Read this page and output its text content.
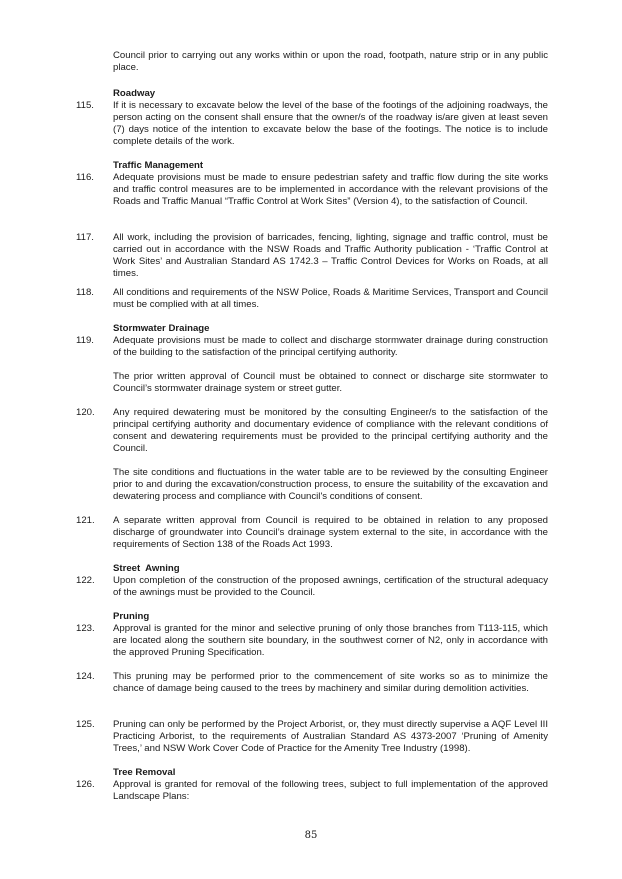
Council prior to carrying out any works within or upon the road, footpath, nature strip or in any public place.
Roadway
115. If it is necessary to excavate below the level of the base of the footings of the adjoining roadways, the person acting on the consent shall ensure that the owner/s of the roadway is/are given at least seven (7) days notice of the intention to excavate below the base of the footings. The notice is to include complete details of the work.
Traffic Management
116. Adequate provisions must be made to ensure pedestrian safety and traffic flow during the site works and traffic control measures are to be implemented in accordance with the relevant provisions of the Roads and Traffic Manual “Traffic Control at Work Sites” (Version 4), to the satisfaction of Council.
117. All work, including the provision of barricades, fencing, lighting, signage and traffic control, must be carried out in accordance with the NSW Roads and Traffic Authority publication - ‘Traffic Control at Work Sites’ and Australian Standard AS 1742.3 – Traffic Control Devices for Works on Roads, at all times.
118. All conditions and requirements of the NSW Police, Roads & Maritime Services, Transport and Council must be complied with at all times.
Stormwater Drainage
119. Adequate provisions must be made to collect and discharge stormwater drainage during construction of the building to the satisfaction of the principal certifying authority.
The prior written approval of Council must be obtained to connect or discharge site stormwater to Council’s stormwater drainage system or street gutter.
120. Any required dewatering must be monitored by the consulting Engineer/s to the satisfaction of the principal certifying authority and documentary evidence of compliance with the relevant conditions of consent and dewatering requirements must be provided to the principal certifying authority and the Council.
The site conditions and fluctuations in the water table are to be reviewed by the consulting Engineer prior to and during the excavation/construction process, to ensure the suitability of the excavation and dewatering process and compliance with Council's conditions of consent.
121. A separate written approval from Council is required to be obtained in relation to any proposed discharge of groundwater into Council’s drainage system external to the site, in accordance with the requirements of Section 138 of the Roads Act 1993.
Street  Awning
122. Upon completion of the construction of the proposed awnings, certification of the structural adequacy of the awnings must be provided to the Council.
Pruning
123. Approval is granted for the minor and selective pruning of only those branches from T113-115, which are located along the southern site boundary, in the southwest corner of N2, only in accordance with the approved Pruning Specification.
124. This pruning may be performed prior to the commencement of site works so as to minimize the chance of damage being caused to the trees by machinery and similar during demolition activities.
125. Pruning can only be performed by the Project Arborist, or, they must directly supervise a AQF Level III Practicing Arborist, to the requirements of Australian Standard AS 4373-2007 ‘Pruning of Amenity Trees,’ and NSW Work Cover Code of Practice for the Amenity Tree Industry (1998).
Tree Removal
126. Approval is granted for removal of the following trees, subject to full implementation of the approved Landscape Plans:
85
